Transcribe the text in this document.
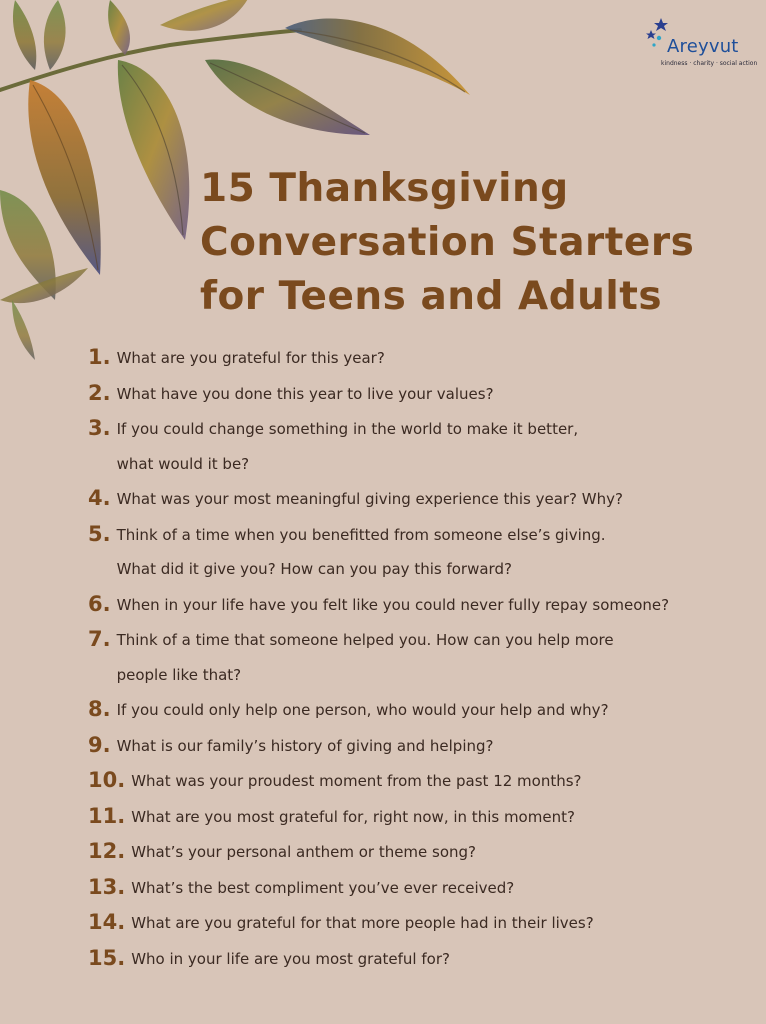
Areyvut
kindness · charity · social action
15 Thanksgiving
Conversation Starters
for Teens and Adults
1. What are you grateful for this year?
2. What have you done this year to live your values?
3. If you could change something in the world to make it better,
what would it be?
4. What was your most meaningful giving experience this year? Why?
5. Think of a time when you benefitted from someone else’s giving.
What did it give you? How can you pay this forward?
6. When in your life have you felt like you could never fully repay someone?
7. Think of a time that someone helped you. How can you help more
people like that?
8. If you could only help one person, who would your help and why?
9. What is our family’s history of giving and helping?
10. What was your proudest moment from the past 12 months?
11. What are you most grateful for, right now, in this moment?
12. What’s your personal anthem or theme song?
13. What’s the best compliment you’ve ever received?
14. What are you grateful for that more people had in their lives?
15. Who in your life are you most grateful for?
